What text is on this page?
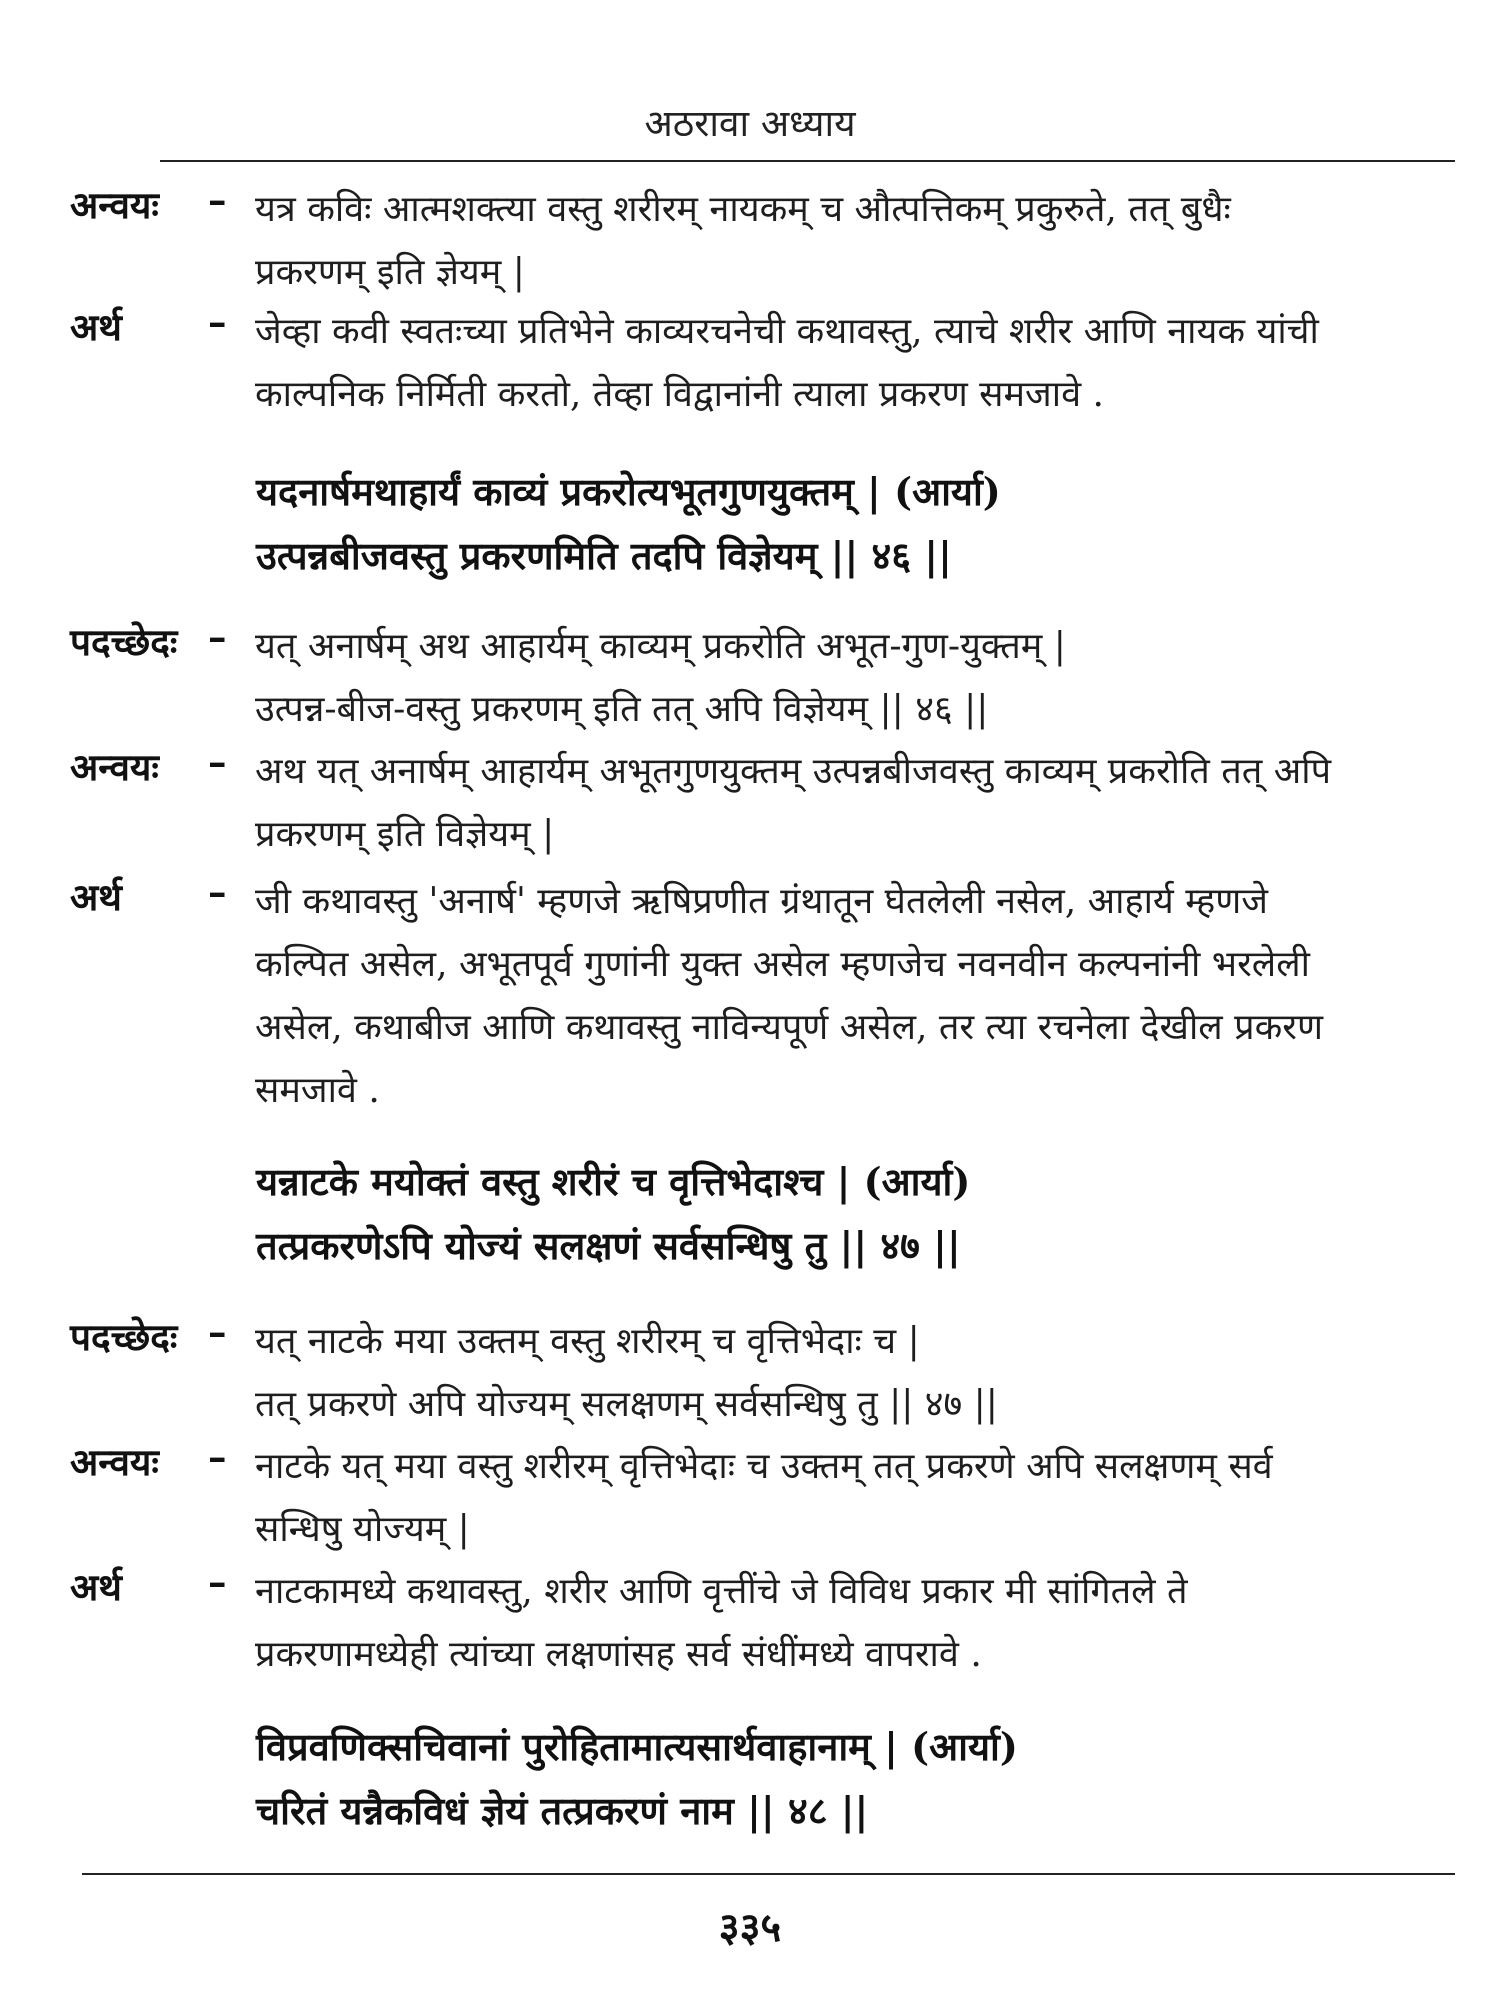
अठरावा अध्याय
अन्वयः	– यत्र कविः आत्मशक्त्या वस्तु शरीरम् नायकम् च औत्पत्तिकम् प्रकुरुते, तत् बुधैः
प्रकरणम् इति ज्ञेयम् |
अर्थ	– जेव्हा कवी स्वतःच्या प्रतिभेने काव्यरचनेची कथावस्तु, त्याचे शरीर आणि नायक यांची
काल्पनिक निर्मिती करतो, तेव्हा विद्वानांनी त्याला प्रकरण समजावे .
यदनार्षमथाहार्यं काव्यं प्रकरोत्यभूतगुणयुक्तम् | (आर्या)
उत्पन्नबीजवस्तु प्रकरणमिति तदपि विज्ञेयम् || ४६ ||
पदच्छेदः – यत् अनार्षम् अथ आहार्यम् काव्यम् प्रकरोति अभूत-गुण-युक्तम् |
उत्पन्न-बीज-वस्तु प्रकरणम् इति तत् अपि विज्ञेयम् || ४६ ||
अन्वयः	– अथ यत् अनार्षम् आहार्यम् अभूतगुणयुक्तम् उत्पन्नबीजवस्तु काव्यम् प्रकरोति तत् अपि
प्रकरणम् इति विज्ञेयम् |
अर्थ	– जी कथावस्तु 'अनार्ष' म्हणजे ऋषिप्रणीत ग्रंथातून घेतलेली नसेल, आहार्य म्हणजे
कल्पित असेल, अभूतपूर्व गुणांनी युक्त असेल म्हणजेच नवनवीन कल्पनांनी भरलेली
असेल, कथाबीज आणि कथावस्तु नाविन्यपूर्ण असेल, तर त्या रचनेला देखील प्रकरण
समजावे .
यन्नाटके मयोक्तं वस्तु शरीरं च वृत्तिभेदाश्च | (आर्या)
तत्प्रकरणेऽपि योज्यं सलक्षणं सर्वसन्धिषु तु || ४७ ||
पदच्छेदः – यत् नाटके मया उक्तम् वस्तु शरीरम् च वृत्तिभेदाः च |
तत् प्रकरणे अपि योज्यम् सलक्षणम् सर्वसन्धिषु तु || ४७ ||
अन्वयः	– नाटके यत् मया वस्तु शरीरम् वृत्तिभेदाः च उक्तम् तत् प्रकरणे अपि सलक्षणम् सर्व
सन्धिषु योज्यम् |
अर्थ	– नाटकामध्ये कथावस्तु, शरीर आणि वृत्तींचे जे विविध प्रकार मी सांगितले ते
प्रकरणामध्येही त्यांच्या लक्षणांसह सर्व संधींमध्ये वापरावे .
विप्रवणिक्सचिवानां पुरोहितामात्यसार्थवाहानाम् | (आर्या)
चरितं यन्नैकविधं ज्ञेयं तत्प्रकरणं नाम || ४८ ||
३३५
